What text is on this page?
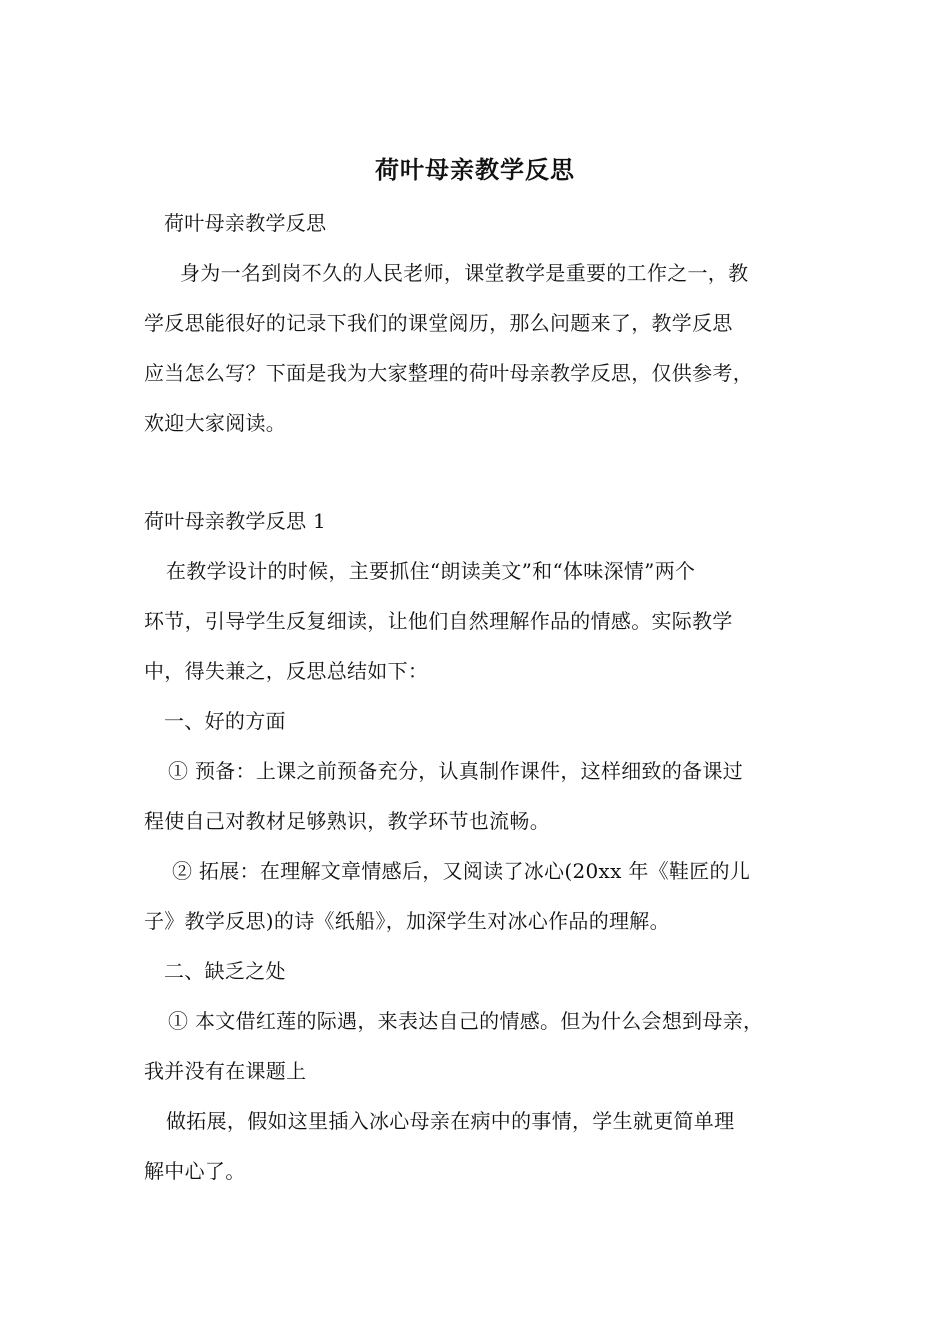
荷叶母亲教学反思
荷叶母亲教学反思
身为一名到岗不久的人民老师，课堂教学是重要的工作之一，教
学反思能很好的记录下我们的课堂阅历，那么问题来了，教学反思
应当怎么写？下面是我为大家整理的荷叶母亲教学反思，仅供参考，
欢迎大家阅读。
荷叶母亲教学反思 1
在教学设计的时候，主要抓住“朗读美文”和“体味深情”两个
环节，引导学生反复细读，让他们自然理解作品的情感。实际教学
中，得失兼之，反思总结如下：
一、好的方面
① 预备：上课之前预备充分，认真制作课件，这样细致的备课过
程使自己对教材足够熟识，教学环节也流畅。
② 拓展：在理解文章情感后，又阅读了冰心(20xx 年《鞋匠的儿
子》教学反思)的诗《纸船》，加深学生对冰心作品的理解。
二、缺乏之处
① 本文借红莲的际遇，来表达自己的情感。但为什么会想到母亲，
我并没有在课题上
做拓展，假如这里插入冰心母亲在病中的事情，学生就更简单理
解中心了。
